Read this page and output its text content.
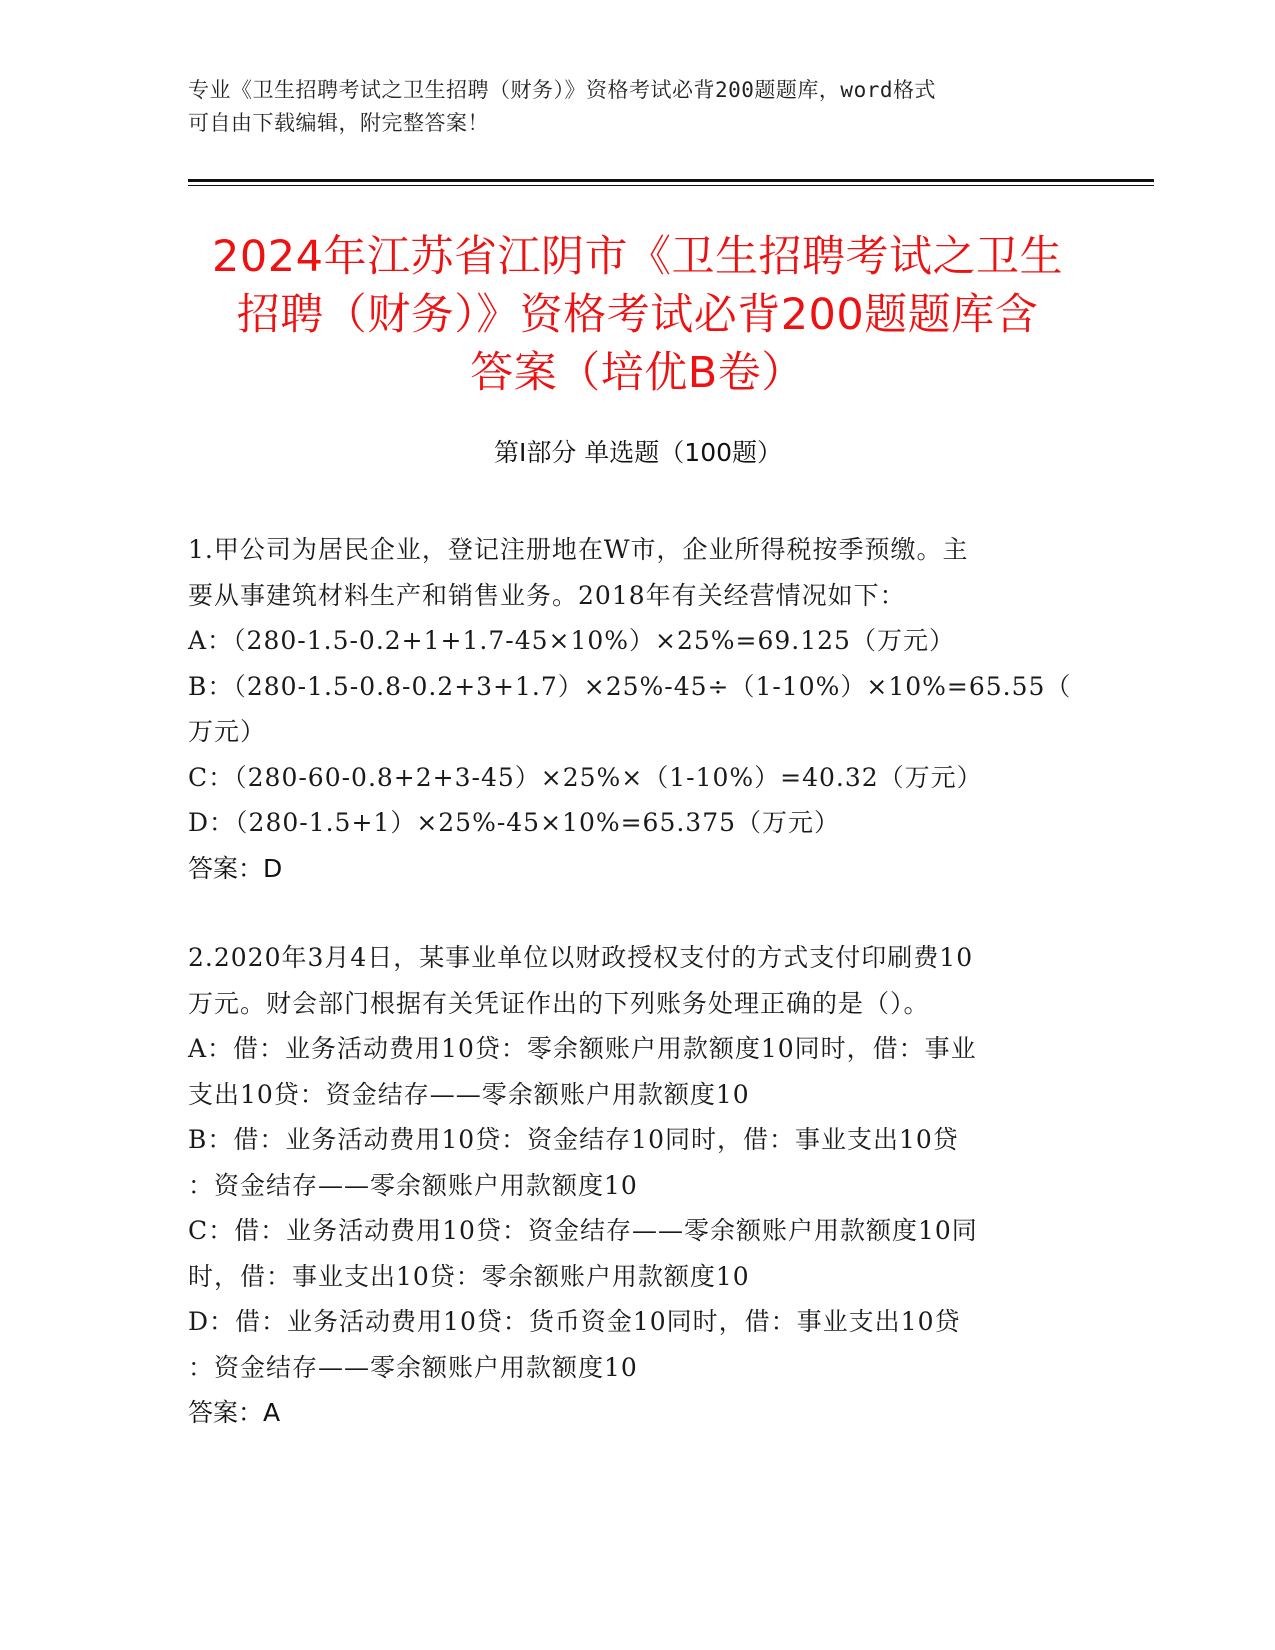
专业《卫生招聘考试之卫生招聘（财务）》资格考试必背200题题库，word格式
可自由下载编辑，附完整答案！
2024年江苏省江阴市《卫生招聘考试之卫生
招聘（财务）》资格考试必背200题题库含
答案（培优B卷）
第I部分 单选题（100题）
1.甲公司为居民企业，登记注册地在W市，企业所得税按季预缴。主
要从事建筑材料生产和销售业务。2018年有关经营情况如下：
A：（280-1.5-0.2+1+1.7-45×10%）×25%=69.125（万元）
B：（280-1.5-0.8-0.2+3+1.7）×25%-45÷（1-10%）×10%=65.55（
万元）
C：（280-60-0.8+2+3-45）×25%×（1-10%）=40.32（万元）
D：（280-1.5+1）×25%-45×10%=65.375（万元）
答案：D
2.2020年3月4日，某事业单位以财政授权支付的方式支付印刷费10
万元。财会部门根据有关凭证作出的下列账务处理正确的是（）。
A：借：业务活动费用10贷：零余额账户用款额度10同时，借：事业
支出10贷：资金结存——零余额账户用款额度10
B：借：业务活动费用10贷：资金结存10同时，借：事业支出10贷
：资金结存——零余额账户用款额度10
C：借：业务活动费用10贷：资金结存——零余额账户用款额度10同
时，借：事业支出10贷：零余额账户用款额度10
D：借：业务活动费用10贷：货币资金10同时，借：事业支出10贷
：资金结存——零余额账户用款额度10
答案：A
